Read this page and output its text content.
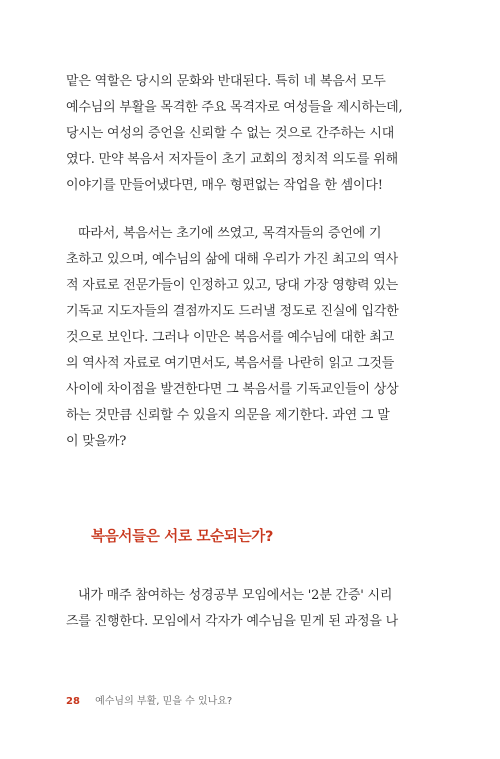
맡은 역할은 당시의 문화와 반대된다. 특히 네 복음서 모두
예수님의 부활을 목격한 주요 목격자로 여성들을 제시하는데,
당시는 여성의 증언을 신뢰할 수 없는 것으로 간주하는 시대
였다. 만약 복음서 저자들이 초기 교회의 정치적 의도를 위해
이야기를 만들어냈다면, 매우 형편없는 작업을 한 셈이다!
따라서, 복음서는 초기에 쓰였고, 목격자들의 증언에 기
초하고 있으며, 예수님의 삶에 대해 우리가 가진 최고의 역사
적 자료로 전문가들이 인정하고 있고, 당대 가장 영향력 있는
기독교 지도자들의 결점까지도 드러낼 정도로 진실에 입각한
것으로 보인다. 그러나 이만은 복음서를 예수님에 대한 최고
의 역사적 자료로 여기면서도, 복음서를 나란히 읽고 그것들
사이에 차이점을 발견한다면 그 복음서를 기독교인들이 상상
하는 것만큼 신뢰할 수 있을지 의문을 제기한다. 과연 그 말
이 맞을까?
복음서들은 서로 모순되는가?
내가 매주 참여하는 성경공부 모임에서는 '2분 간증' 시리
즈를 진행한다. 모임에서 각자가 예수님을 믿게 된 과정을 나
28 예수님의 부활, 믿을 수 있나요?
